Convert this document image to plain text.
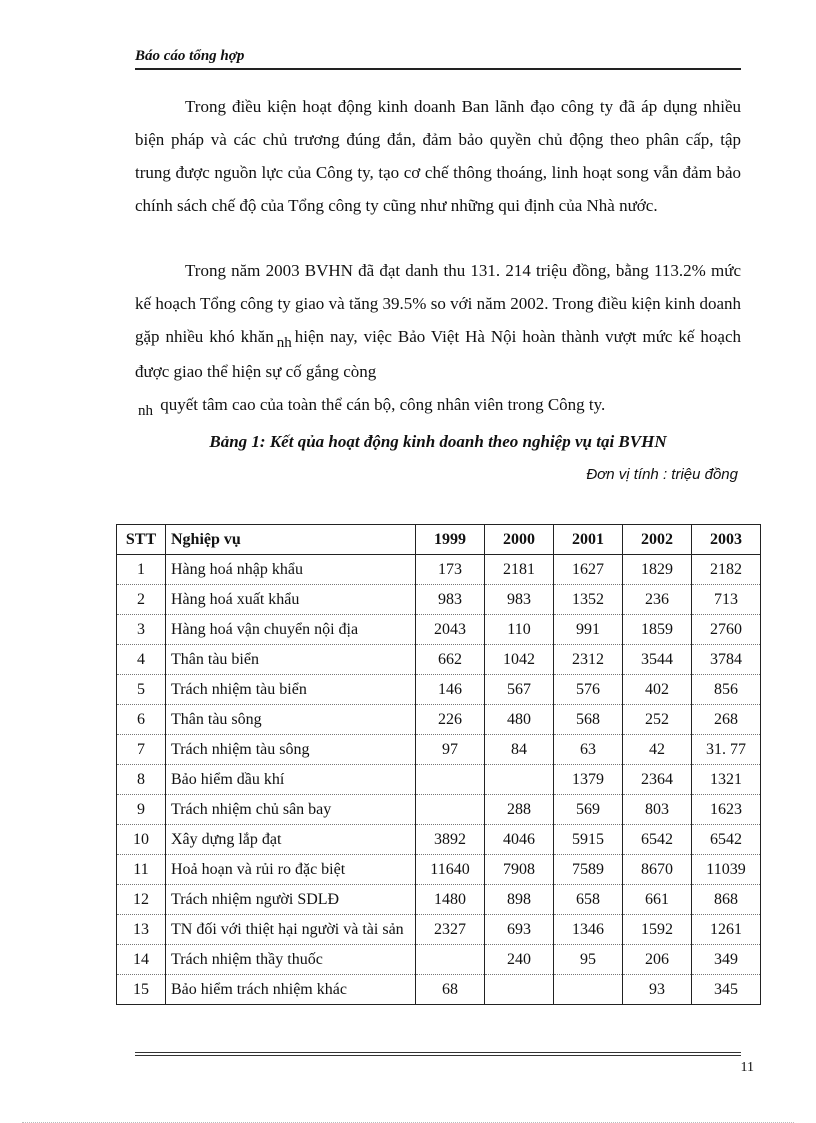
Báo cáo tổng hợp

Trong điều kiện hoạt động kinh doanh Ban lãnh đạo công ty đã áp dụng nhiều biện pháp và các chủ trương đúng đắn, đảm bảo quyền chủ động theo phân cấp, tập trung được nguồn lực của Công ty, tạo cơ chế thông thoáng, linh hoạt song vẫn đảm bảo chính sách chế độ của Tổng công ty cũng như những qui định của Nhà nước.

Trong năm 2003 BVHN đã đạt danh thu 131. 214 triệu đồng, bằng 113.2% mức kế hoạch Tổng công ty giao và tăng 39.5% so với năm 2002. Trong điều kiện kinh doanh gặp nhiều khó khăn nh hiện nay, việc Bảo Việt Hà Nội hoàn thành vượt mức kế hoạch được giao thể hiện sự cố gắng còng
nh quyết tâm cao của toàn thể cán bộ, công nhân viên trong Công ty.

Bảng 1: Kết qủa hoạt động kinh doanh theo nghiệp vụ tại BVHN
Đơn vị tính : triệu đồng
STT	Nghiệp vụ	1999	2000	2001	2002	2003
1	Hàng hoá nhập khẩu	173	2181	1627	1829	2182
2	Hàng hoá xuất khẩu	983	983	1352	236	713
3	Hàng hoá vận chuyển nội địa	2043	110	991	1859	2760
4	Thân tàu biển	662	1042	2312	3544	3784
5	Trách nhiệm tàu biển	146	567	576	402	856
6	Thân tàu sông	226	480	568	252	268
7	Trách nhiệm tàu sông	97	84	63	42	31. 77
8	Bảo hiểm dầu khí			1379	2364	1321
9	Trách nhiệm chủ sân bay		288	569	803	1623
10	Xây dựng lắp đạt	3892	4046	5915	6542	6542
11	Hoả hoạn và rủi ro đặc biệt	11640	7908	7589	8670	11039
12	Trách nhiệm người SDLĐ	1480	898	658	661	868
13	TN đối với thiệt hại người và tài sản	2327	693	1346	1592	1261
14	Trách nhiệm thầy thuốc		240	95	206	349
15	Bảo hiểm trách nhiệm khác	68			93	345
11
